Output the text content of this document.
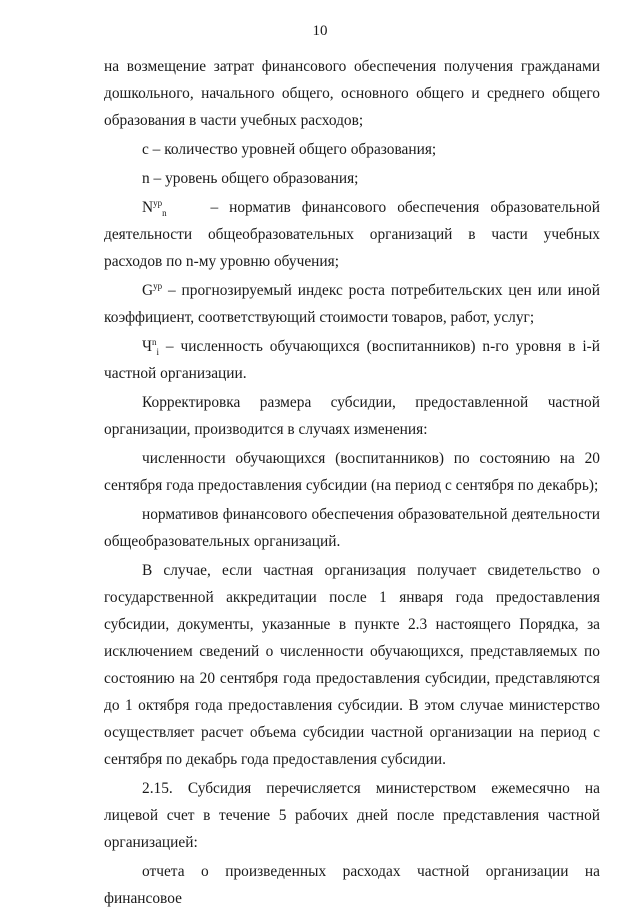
10

на возмещение затрат финансового обеспечения получения гражданами дошкольного, начального общего, основного общего и среднего общего образования в части учебных расходов;

c – количество уровней общего образования;

n – уровень общего образования;

$N^{ур}_n$	– норматив финансового обеспечения образовательной деятельности общеобразовательных организаций в части учебных расходов по n-му уровню обучения;

$G^{ур}$ – прогнозируемый индекс роста потребительских цен или иной коэффициент, соответствующий стоимости товаров, работ, услуг;

$Ч^n_i$ – численность обучающихся (воспитанников) n-го уровня в i-й частной организации.

Корректировка размера субсидии, предоставленной частной организации, производится в случаях изменения:

численности обучающихся (воспитанников) по состоянию на 20 сентября года предоставления субсидии (на период с сентября по декабрь);

нормативов финансового обеспечения образовательной деятельности общеобразовательных организаций.

В случае, если частная организация получает свидетельство о государственной аккредитации после 1 января года предоставления субсидии, документы, указанные в пункте 2.3 настоящего Порядка, за исключением сведений о численности обучающихся, представляемых по состоянию на 20 сентября года предоставления субсидии, представляются до 1 октября года предоставления субсидии. В этом случае министерство осуществляет расчет объема субсидии частной организации на период с сентября по декабрь года предоставления субсидии.

2.15. Субсидия перечисляется министерством ежемесячно на лицевой счет в течение 5 рабочих дней после представления частной организацией:

отчета о произведенных расходах частной организации на финансовое
